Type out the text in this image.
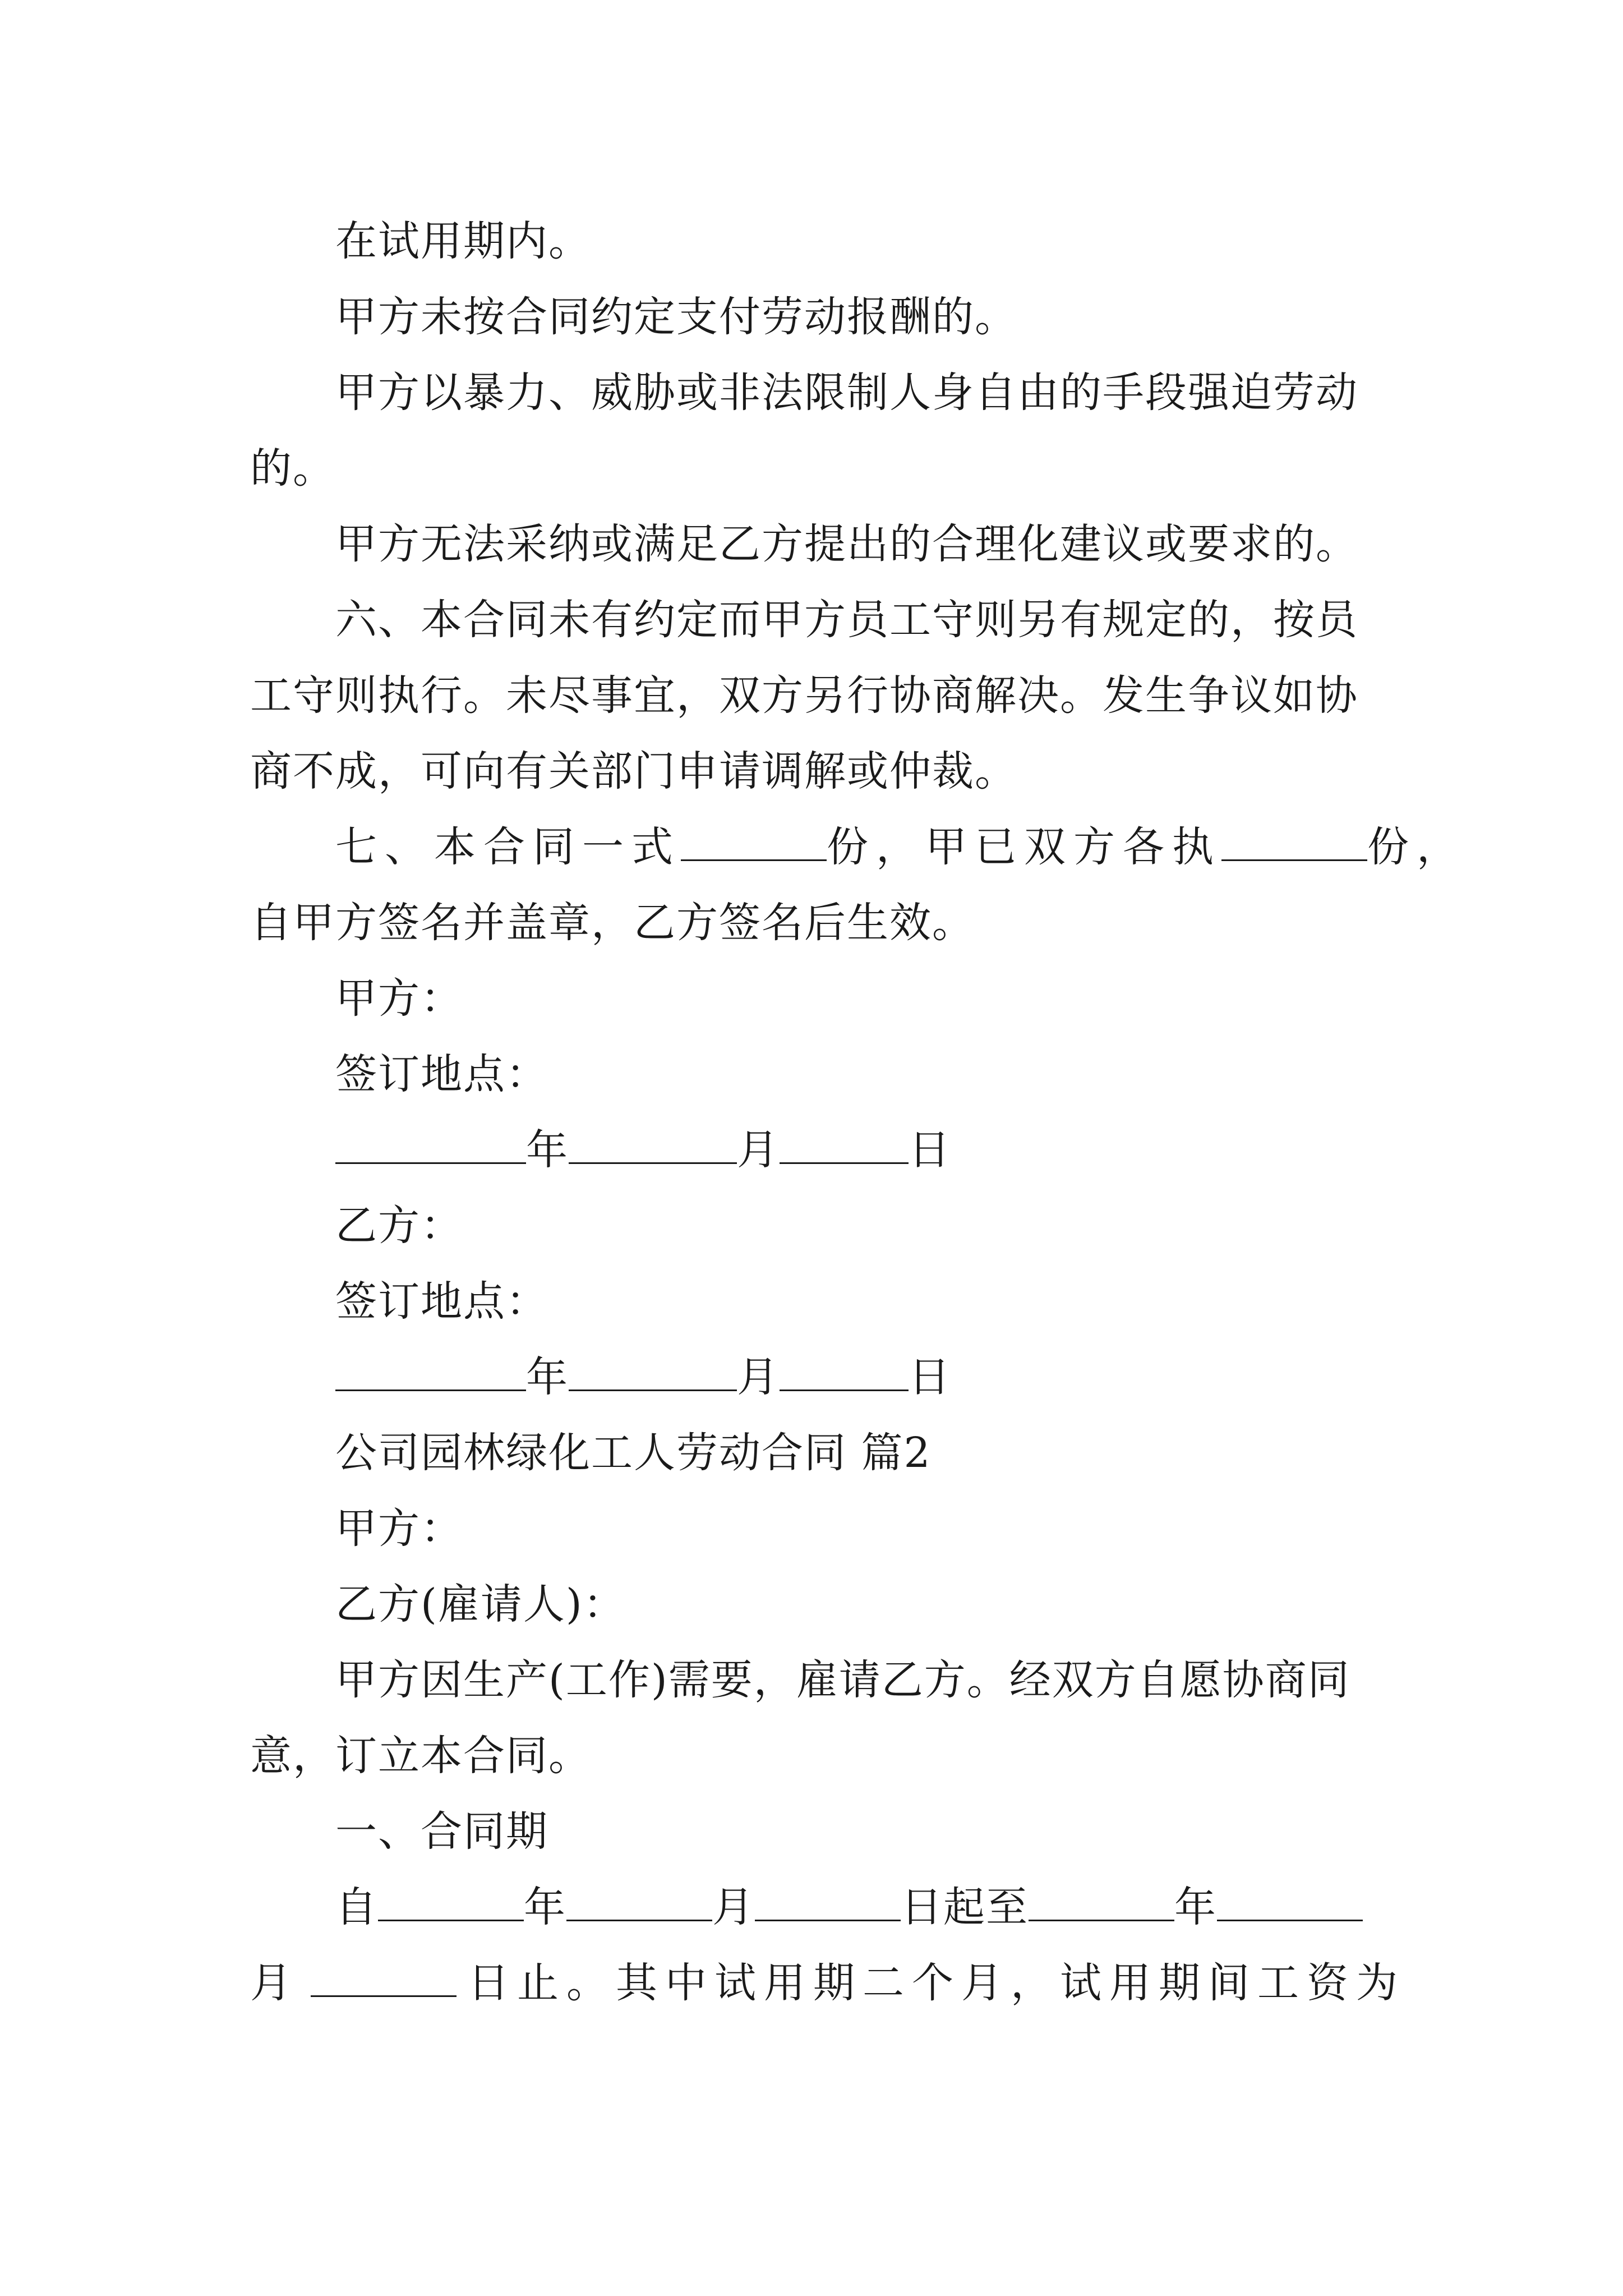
在试用期内。
甲方未按合同约定支付劳动报酬的。
甲方以暴力、威胁或非法限制人身自由的手段强迫劳动
的。
甲方无法采纳或满足乙方提出的合理化建议或要求的。
六、本合同未有约定而甲方员工守则另有规定的，按员
工守则执行。未尽事宜，双方另行协商解决。发生争议如协
商不成，可向有关部门申请调解或仲裁。
七、本合同一式	份，甲已双方各执	份，
自甲方签名并盖章，乙方签名后生效。
甲方：
签订地点：
年	月	日
乙方：
签订地点：
年	月	日
公司园林绿化工人劳动合同 篇2
甲方：
乙方(雇请人)：
甲方因生产(工作)需要，雇请乙方。经双方自愿协商同
意，订立本合同。
一、合同期
自	年	月	日起至	年
月	日止。其中试用期二个月，试用期间工资为
